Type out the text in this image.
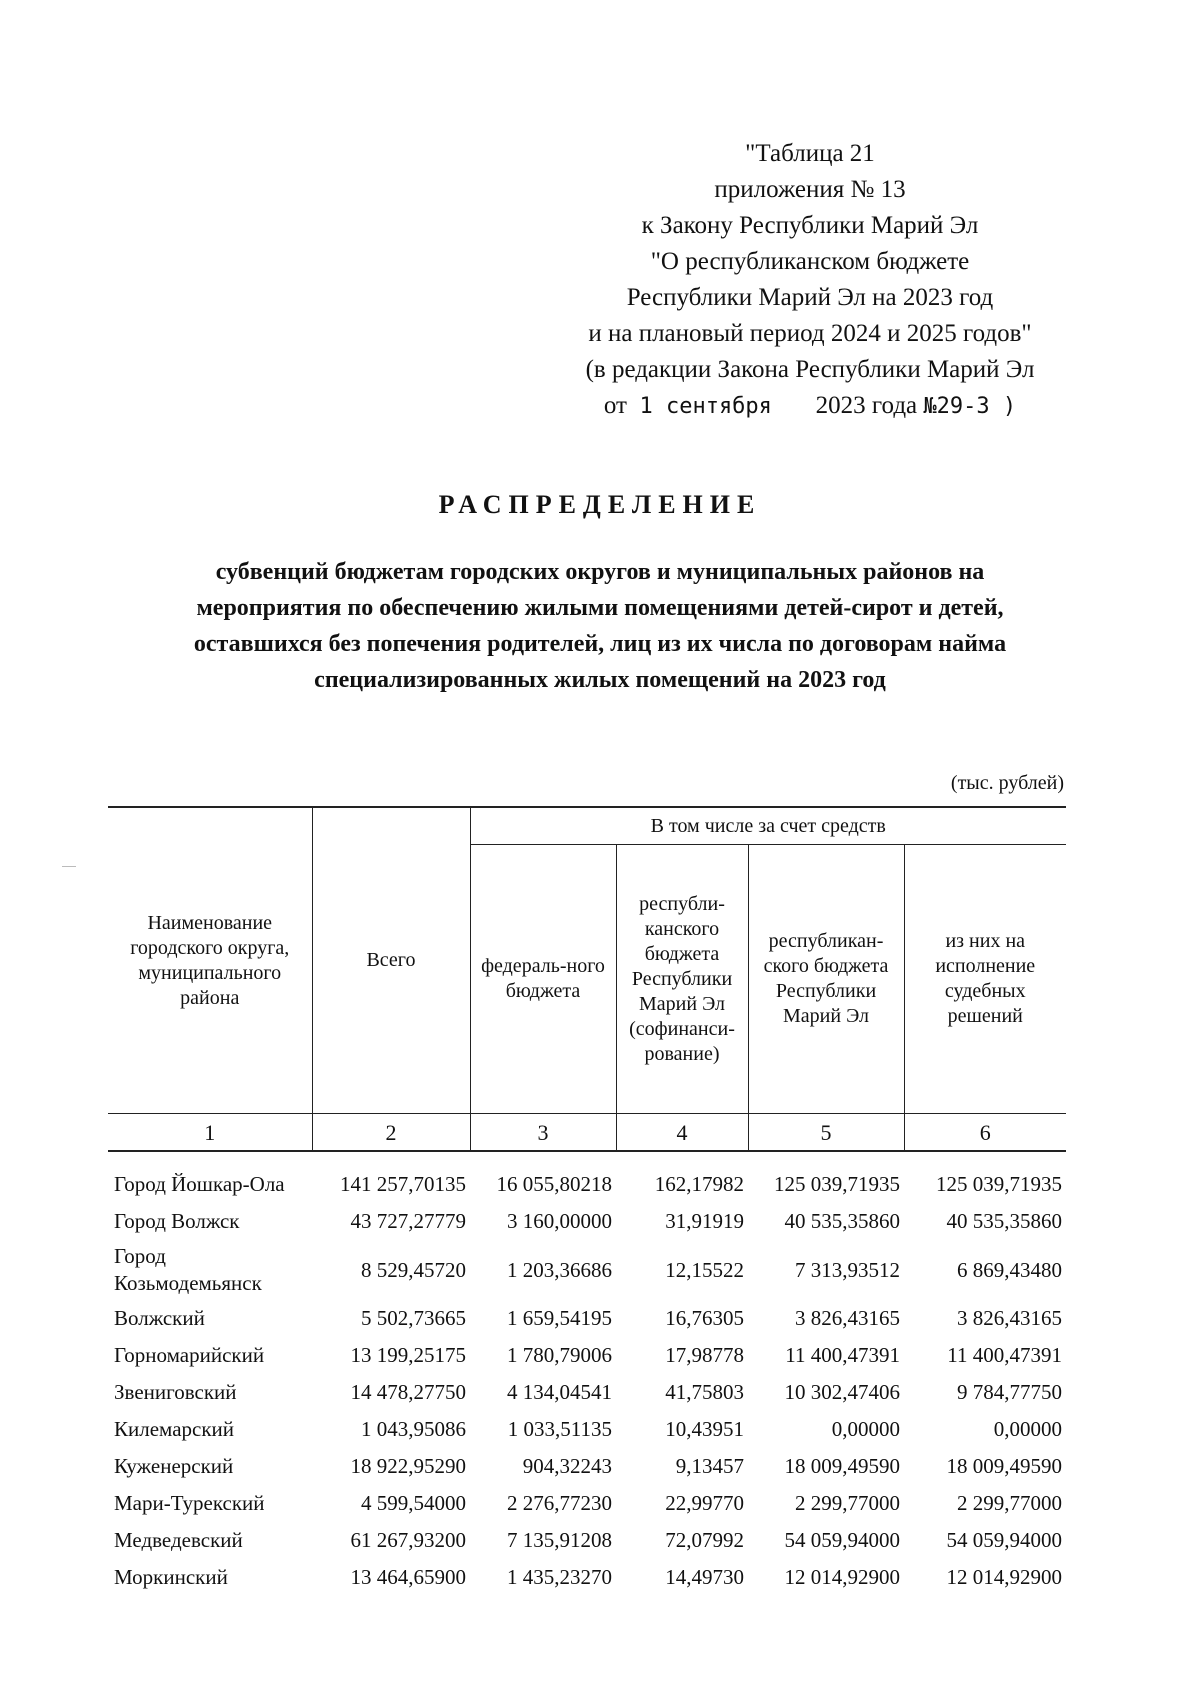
"Таблица 21
приложения № 13
к Закону Республики Марий Эл
"О республиканском бюджете
Республики Марий Эл на 2023 год
и на плановый период 2024 и 2025 годов"
(в редакции Закона Республики Марий Эл
от 1 сентября 2023 года №29-З )
РАСПРЕДЕЛЕНИЕ
субвенций бюджетам городских округов и муниципальных районов на
мероприятия по обеспечению жилыми помещениями детей-сирот и детей,
оставшихся без попечения родителей, лиц из их числа по договорам найма
специализированных жилых помещений на 2023 год
(тыс. рублей)
Наименование городского округа, муниципального района	Всего	В том числе за счет средств			
		федераль-ного бюджета	республи-канского бюджета Республики Марий Эл (софинанси-рование)	республикан-ского бюджета Республики Марий Эл	из них на исполнение судебных решений
1	2	3	4	5	6

Город Йошкар-Ола	141 257,70135	16 055,80218	162,17982	125 039,71935	125 039,71935
Город Волжск	43 727,27779	3 160,00000	31,91919	40 535,35860	40 535,35860
Город Козьмодемьянск	8 529,45720	1 203,36686	12,15522	7 313,93512	6 869,43480
Волжский	5 502,73665	1 659,54195	16,76305	3 826,43165	3 826,43165
Горномарийский	13 199,25175	1 780,79006	17,98778	11 400,47391	11 400,47391
Звениговский	14 478,27750	4 134,04541	41,75803	10 302,47406	9 784,77750
Килемарский	1 043,95086	1 033,51135	10,43951	0,00000	0,00000
Куженерский	18 922,95290	904,32243	9,13457	18 009,49590	18 009,49590
Мари-Турекский	4 599,54000	2 276,77230	22,99770	2 299,77000	2 299,77000
Медведевский	61 267,93200	7 135,91208	72,07992	54 059,94000	54 059,94000
Моркинский	13 464,65900	1 435,23270	14,49730	12 014,92900	12 014,92900
